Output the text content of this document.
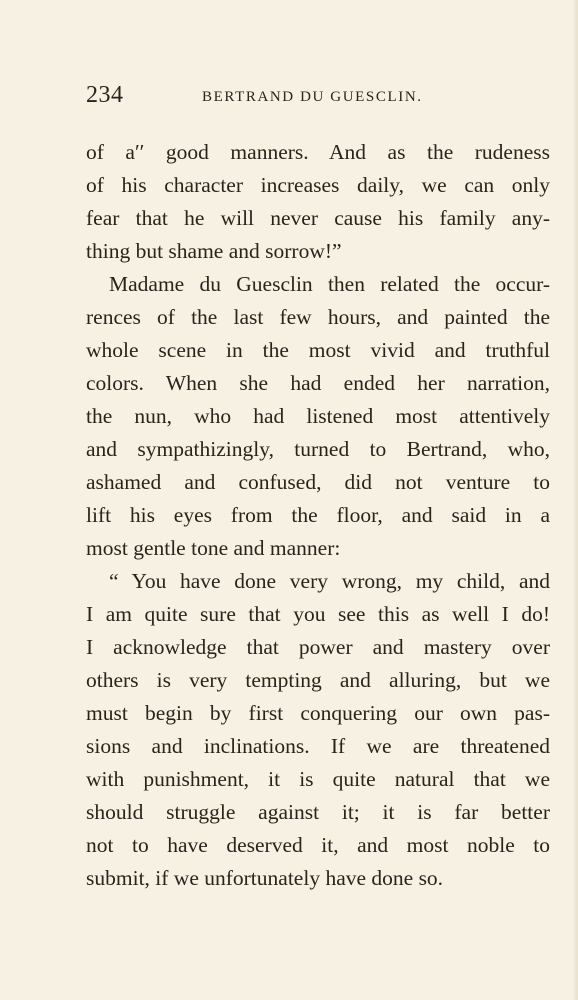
234	BERTRAND DU GUESCLIN.
of aʹʹ good manners. And as the rudeness
of his character increases daily, we can only
fear that he will never cause his family any-
thing but shame and sorrow!”
Madame du Guesclin then related the occur-
rences of the last few hours, and painted the
whole scene in the most vivid and truthful
colors. When she had ended her narration,
the nun, who had listened most attentively
and sympathizingly, turned to Bertrand, who,
ashamed and confused, did not venture to
lift his eyes from the floor, and said in a
most gentle tone and manner:
“ You have done very wrong, my child, and
I am quite sure that you see this as well I do!
I acknowledge that power and mastery over
others is very tempting and alluring, but we
must begin by first conquering our own pas-
sions and inclinations. If we are threatened
with punishment, it is quite natural that we
should struggle against it; it is far better
not to have deserved it, and most noble to
submit, if we unfortunately have done so.
